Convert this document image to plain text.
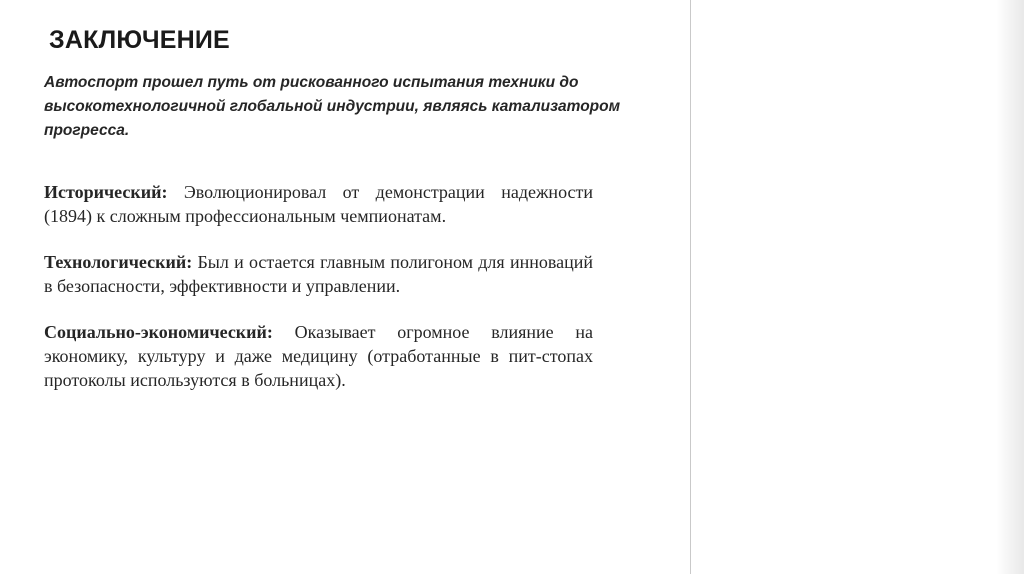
ЗАКЛЮЧЕНИЕ
Автоспорт прошел путь от рискованного испытания техники до высокотехнологичной глобальной индустрии, являясь катализатором прогресса.

Исторический: Эволюционировал от демонстрации надежности (1894) к сложным профессиональным чемпионатам.

Технологический: Был и остается главным полигоном для инноваций в безопасности, эффективности и управлении.

Социально-экономический: Оказывает огромное влияние на экономику, культуру и даже медицину (отработанные в пит-стопах протоколы используются в больницах).
